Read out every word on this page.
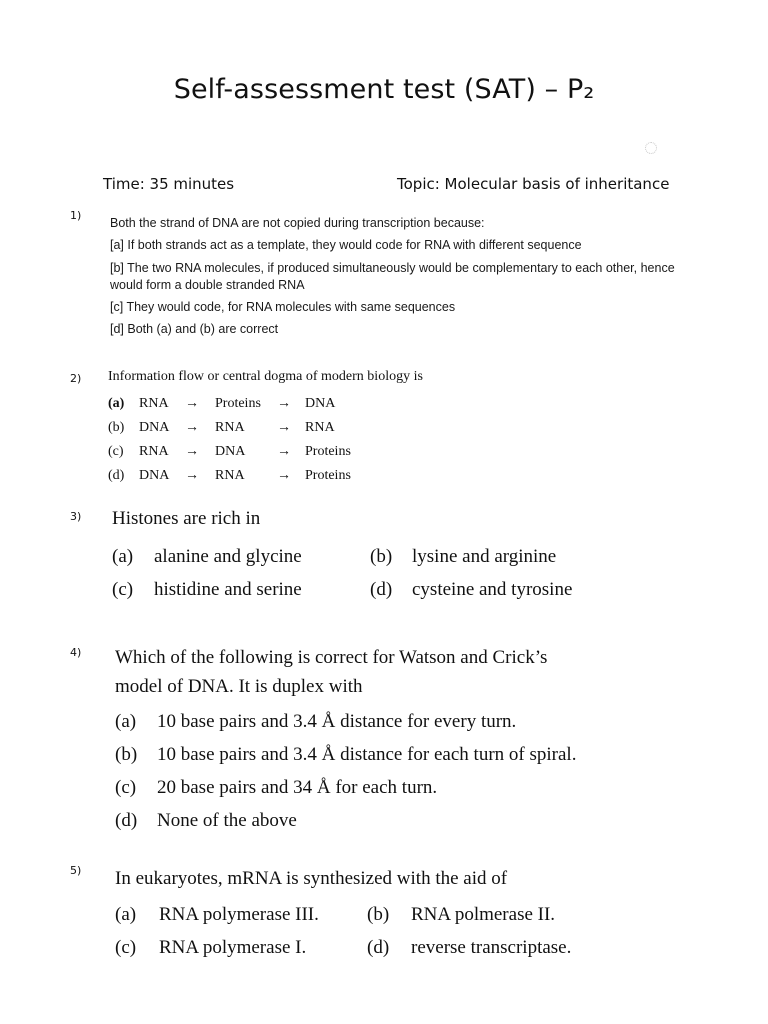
Self-assessment test (SAT) – P₂
Time: 35 minutes	Topic: Molecular basis of inheritance
1)
Both the strand of DNA are not copied during transcription because:
[a] If both strands act as a template, they would code for RNA with different sequence
[b] The two RNA molecules, if produced simultaneously would be complementary to each other, hence would form a double stranded RNA
[c] They would code, for RNA molecules with same sequences
[d] Both (a) and (b) are correct
2) Information flow or central dogma of modern biology is
(a)	RNA	→	Proteins	→	DNA
(b)	DNA	→	RNA	→	RNA
(c)	RNA	→	DNA	→	Proteins
(d)	DNA	→	RNA	→	Proteins
3) Histones are rich in
(a)	alanine and glycine	(b)	lysine and arginine
(c)	histidine and serine	(d)	cysteine and tyrosine
4) Which of the following is correct for Watson and Crick’s
model of DNA. It is duplex with
(a) 10 base pairs and 3.4 Å distance for every turn.
(b) 10 base pairs and 3.4 Å distance for each turn of spiral.
(c) 20 base pairs and 34 Å for each turn.
(d) None of the above
5) In eukaryotes, mRNA is synthesized with the aid of
(a)	RNA polymerase III.	(b)	RNA polmerase II.
(c)	RNA polymerase I.	(d)	reverse transcriptase.
